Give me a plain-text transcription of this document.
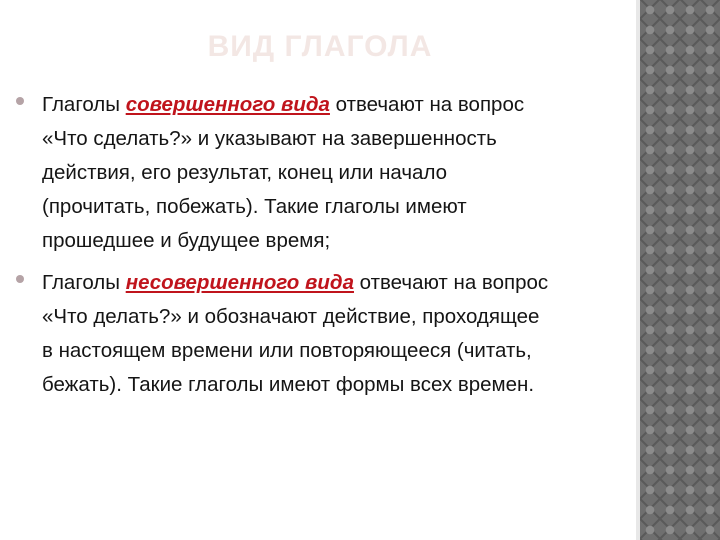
ВИД ГЛАГОЛА
Глаголы совершенного вида отвечают на вопрос
«Что сделать?» и указывают на завершенность
действия, его результат, конец или начало
(прочитать, побежать). Такие глаголы имеют
прошедшее и будущее время;
Глаголы несовершенного вида отвечают на вопрос
«Что делать?» и обозначают действие, проходящее
в настоящем времени или повторяющееся (читать,
бежать). Такие глаголы имеют формы всех времен.
